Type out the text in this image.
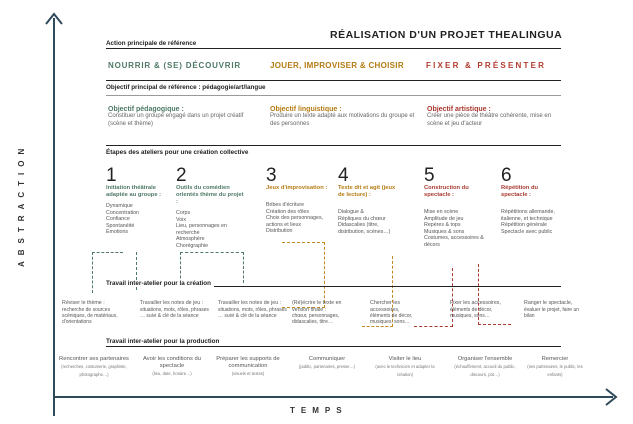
ABSTRACTION
TEMPS
RÉALISATION D'UN PROJET THEALINGUA
Action principale de référence
NOURRIR & (SE) DÉCOUVRIR	JOUER, IMPROVISER & CHOISIR	FIXER & PRÉSENTER
Objectif principal de référence : pédagogie/art/langue
Objectif pédagogique :
Constituer un groupe engagé dans un projet créatif (scène et thème)
Objectif linguistique :
Produire un texte adapté aux motivations du groupe et des personnes
Objectif artistique :
Créer une pièce de théâtre cohérente, mise en scène et jeu d'acteur
Étapes des ateliers pour une création collective
1
Initiation théâtrale adaptée au groupe :
Dynamique
Concentration
Confiance
Spontanéité
Émotions
2
Outils du comédien orientés thème du projet :
Corps
Voix
Lieu, personnages en recherche
Atmosphère
Chorégraphie
3
Jeux d'improvisation :
Bribes d'écriture
Création des rôles
Choix des personnages, actions et lieux
Distribution
4
Texte dit et agit (jeux de lecture) :
Dialogue &
Répliques du chœur
Didascalies (titre, distribution, scènes…)
5
Construction du spectacle :
Mise en scène
Amplitude de jeu
Repères & tops
Musiques & sons
Costumes, accessoires & décors
6
Répétition du spectacle :
Répétitions allemande, italienne, et technique
Répétition générale
Spectacle avec public
Travail inter-atelier pour la création
Réviser le thème :
recherche de sources scéniques, de matériaux, d'orientations
Travailler les notes de jeu :
situations, mots, rôles, phrases … suivi & clé de la séance
Travailler les notes de jeu :
situations, mots, rôles, phrases … suivi & clé de la séance
(Ré)écrire le texte en version finale :
chœur, personnages, didascalies, titre…
Chercher les accessoires,
éléments de décor, musiques, sons…
Fixer les accessoires,
éléments de décor, musiques, sons…
Ranger le spectacle,
évaluer le projet, faire un bilan
Travail inter-atelier pour la production
Rencontrer ses partenaires
(recherches, costumerie, graphiste, photographe…)
Avoir les conditions du spectacle
(lieu, date, horaire…)
Préparer les supports de communication
(visuels et textes)
Communiquer
(public, partenaires, presse…)
Visiter le lieu
(avec le technicien et adapter la création)
Organiser l'ensemble
(échauffement, accueil du public, discours, pot…)
Remercier
(ses partenaires, le public, les enfants)
